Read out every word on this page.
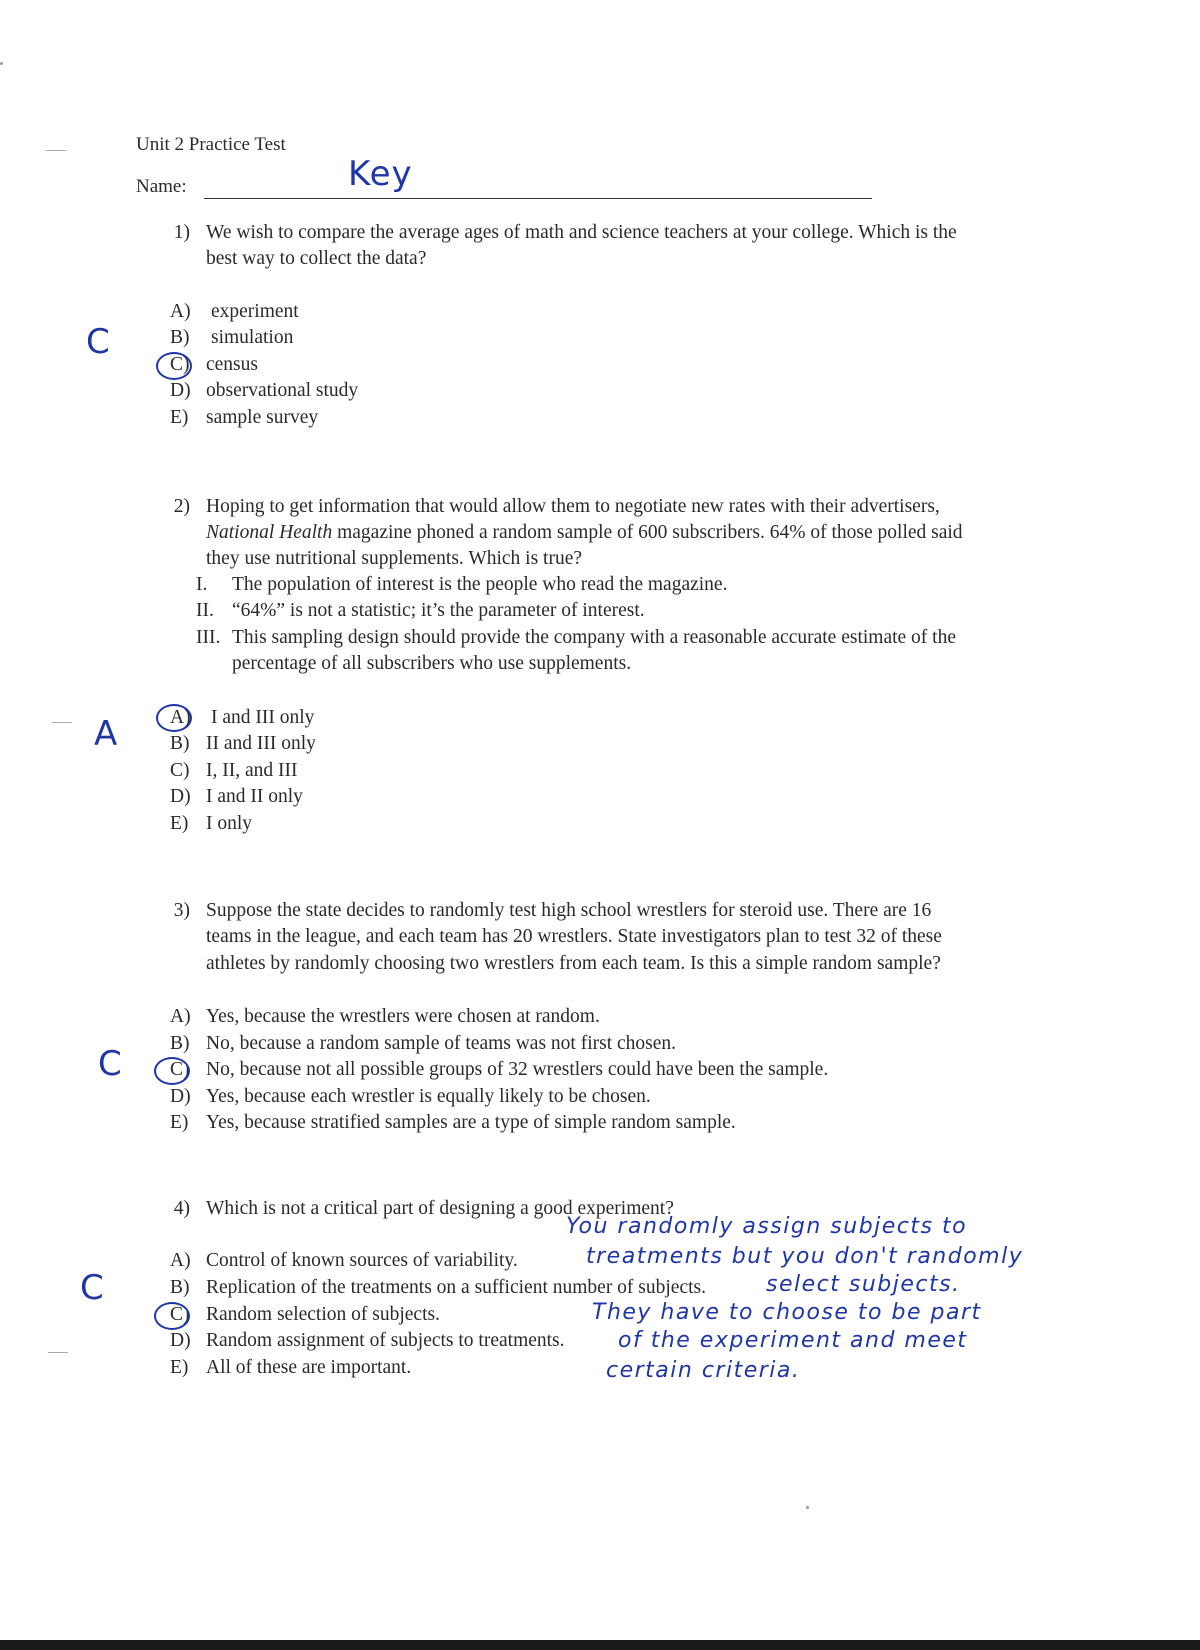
Unit 2 Practice Test
Name:	Key
1) We wish to compare the average ages of math and science teachers at your college. Which is the
best way to collect the data?
A)	experiment
B)	simulation
C) census
D) observational study
E) sample survey
C
2) Hoping to get information that would allow them to negotiate new rates with their advertisers,
National Health magazine phoned a random sample of 600 subscribers. 64% of those polled said
they use nutritional supplements. Which is true?
I. The population of interest is the people who read the magazine.
II. “64%” is not a statistic; it’s the parameter of interest.
III. This sampling design should provide the company with a reasonable accurate estimate of the
percentage of all subscribers who use supplements.
A)	I and III only
B) II and III only
C) I, II, and III
D) I and II only
E) I only
A
3) Suppose the state decides to randomly test high school wrestlers for steroid use. There are 16
teams in the league, and each team has 20 wrestlers. State investigators plan to test 32 of these
athletes by randomly choosing two wrestlers from each team. Is this a simple random sample?
A) Yes, because the wrestlers were chosen at random.
B) No, because a random sample of teams was not first chosen.
C) No, because not all possible groups of 32 wrestlers could have been the sample.
D) Yes, because each wrestler is equally likely to be chosen.
E) Yes, because stratified samples are a type of simple random sample.
C
4) Which is not a critical part of designing a good experiment?
A) Control of known sources of variability.
B) Replication of the treatments on a sufficient number of subjects.
C) Random selection of subjects.
D) Random assignment of subjects to treatments.
E) All of these are important.
C
You randomly assign subjects to
treatments but you don't randomly
select subjects.
They have to choose to be part
of the experiment and meet
certain criteria.
